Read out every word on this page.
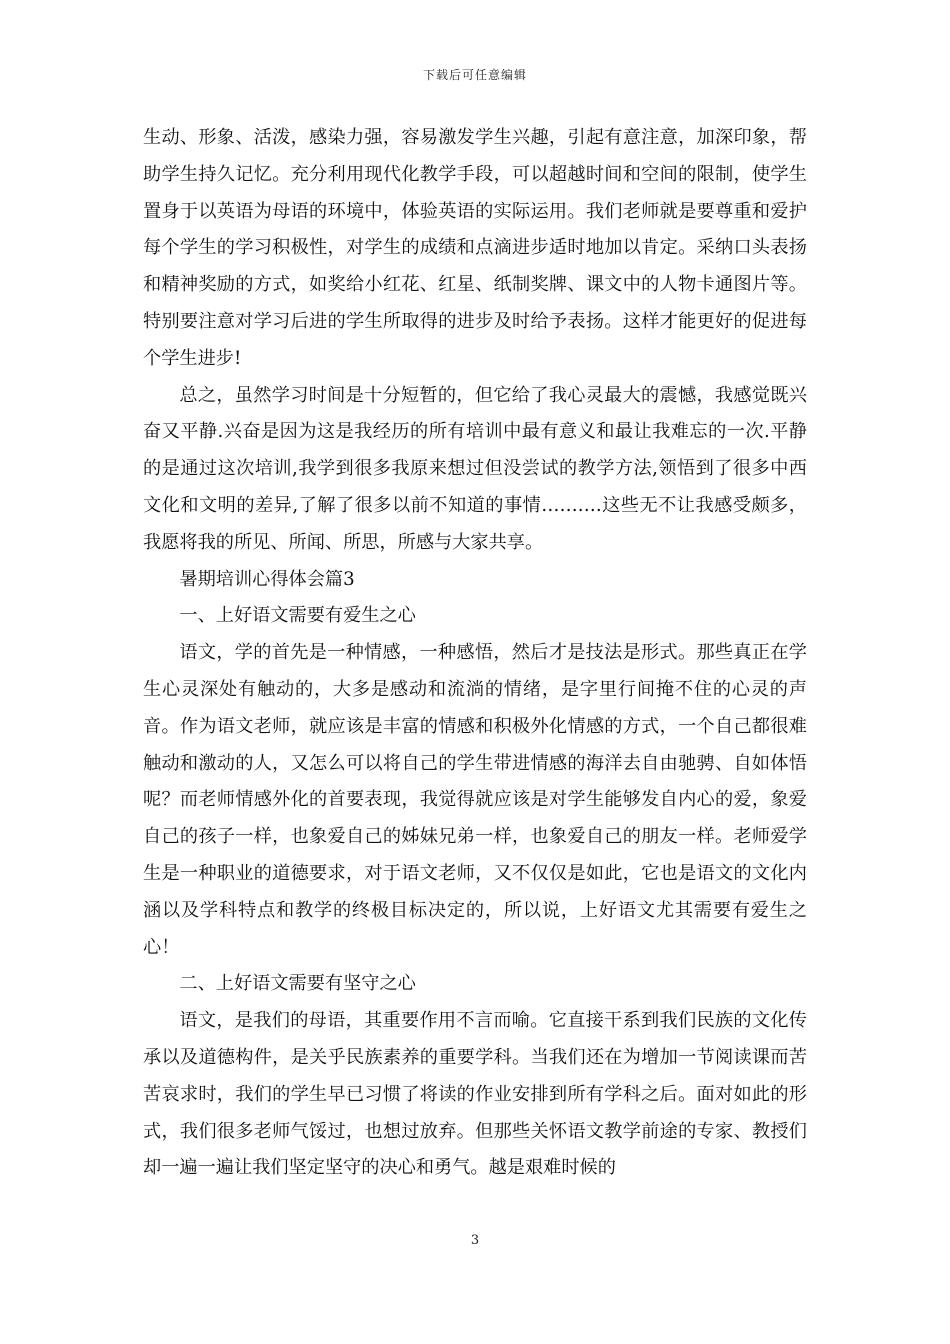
下载后可任意编辑

生动、形象、活泼，感染力强，容易激发学生兴趣，引起有意注意，加深印象，帮助学生持久记忆。充分利用现代化教学手段，可以超越时间和空间的限制，使学生置身于以英语为母语的环境中，体验英语的实际运用。我们老师就是要尊重和爱护每个学生的学习积极性，对学生的成绩和点滴进步适时地加以肯定。采纳口头表扬和精神奖励的方式，如奖给小红花、红星、纸制奖牌、课文中的人物卡通图片等。特别要注意对学习后进的学生所取得的进步及时给予表扬。这样才能更好的促进每个学生进步!

总之，虽然学习时间是十分短暂的，但它给了我心灵最大的震憾，我感觉既兴奋又平静.兴奋是因为这是我经历的所有培训中最有意义和最让我难忘的一次.平静的是通过这次培训,我学到很多我原来想过但没尝试的教学方法,领悟到了很多中西文化和文明的差异,了解了很多以前不知道的事情……….这些无不让我感受颇多，我愿将我的所见、所闻、所思，所感与大家共享。

暑期培训心得体会篇3

一、上好语文需要有爱生之心

语文，学的首先是一种情感，一种感悟，然后才是技法是形式。那些真正在学生心灵深处有触动的，大多是感动和流淌的情绪，是字里行间掩不住的心灵的声音。作为语文老师，就应该是丰富的情感和积极外化情感的方式，一个自己都很难触动和激动的人，又怎么可以将自己的学生带进情感的海洋去自由驰骋、自如体悟呢？而老师情感外化的首要表现，我觉得就应该是对学生能够发自内心的爱，象爱自己的孩子一样，也象爱自己的姊妹兄弟一样，也象爱自己的朋友一样。老师爱学生是一种职业的道德要求，对于语文老师，又不仅仅是如此，它也是语文的文化内涵以及学科特点和教学的终极目标决定的，所以说，上好语文尤其需要有爱生之心！

二、上好语文需要有坚守之心

语文，是我们的母语，其重要作用不言而喻。它直接干系到我们民族的文化传承以及道德构件，是关乎民族素养的重要学科。当我们还在为增加一节阅读课而苦苦哀求时，我们的学生早已习惯了将读的作业安排到所有学科之后。面对如此的形式，我们很多老师气馁过，也想过放弃。但那些关怀语文教学前途的专家、教授们却一遍一遍让我们坚定坚守的决心和勇气。越是艰难时候的

3
